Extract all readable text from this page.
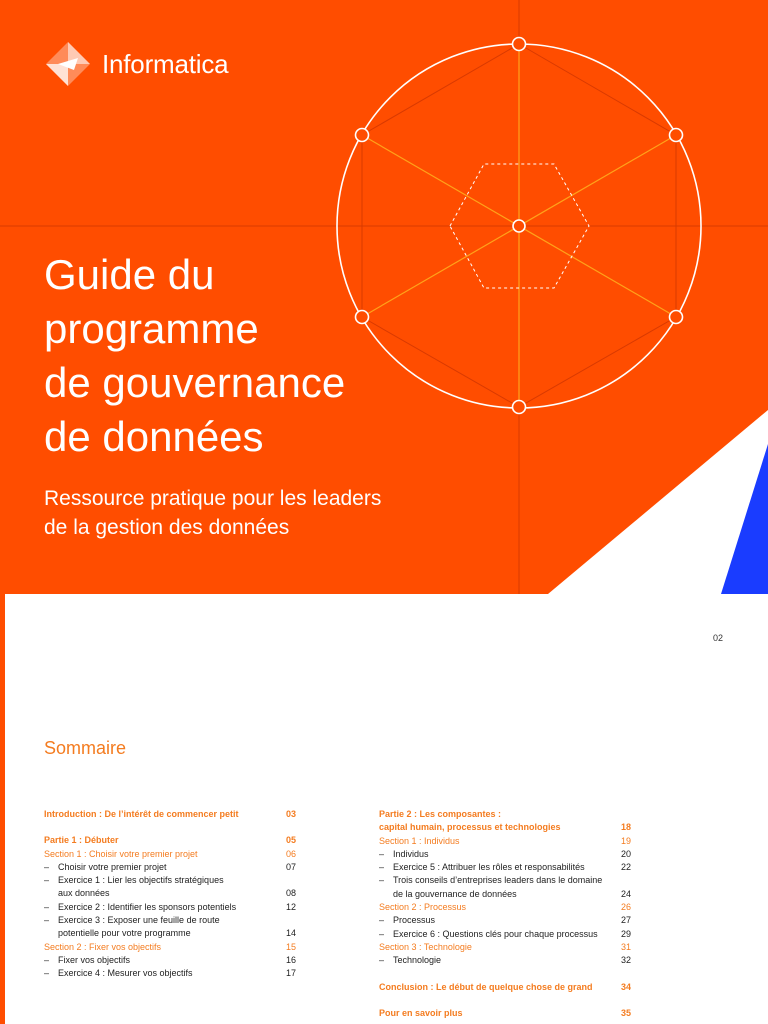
Informatica
Guide du
programme
de gouvernance
de données
Ressource pratique pour les leaders
de la gestion des données
02
Sommaire
Introduction : De l’intérêt de commencer petit	03
Partie 1 : Débuter	05
Section 1 : Choisir votre premier projet	06
– Choisir votre premier projet	07
– Exercice 1 : Lier les objectifs stratégiques
aux données	08
– Exercice 2 : Identifier les sponsors potentiels	12
– Exercice 3 : Exposer une feuille de route
potentielle pour votre programme	14
Section 2 : Fixer vos objectifs	15
– Fixer vos objectifs	16
– Exercice 4 : Mesurer vos objectifs	17
Partie 2 : Les composantes :
capital humain, processus et technologies	18
Section 1 : Individus	19
– Individus	20
– Exercice 5 : Attribuer les rôles et responsabilités	22
– Trois conseils d’entreprises leaders dans le domaine
de la gouvernance de données	24
Section 2 : Processus	26
– Processus	27
– Exercice 6 : Questions clés pour chaque processus	29
Section 3 : Technologie	31
– Technologie	32
Conclusion : Le début de quelque chose de grand	34
Pour en savoir plus	35
